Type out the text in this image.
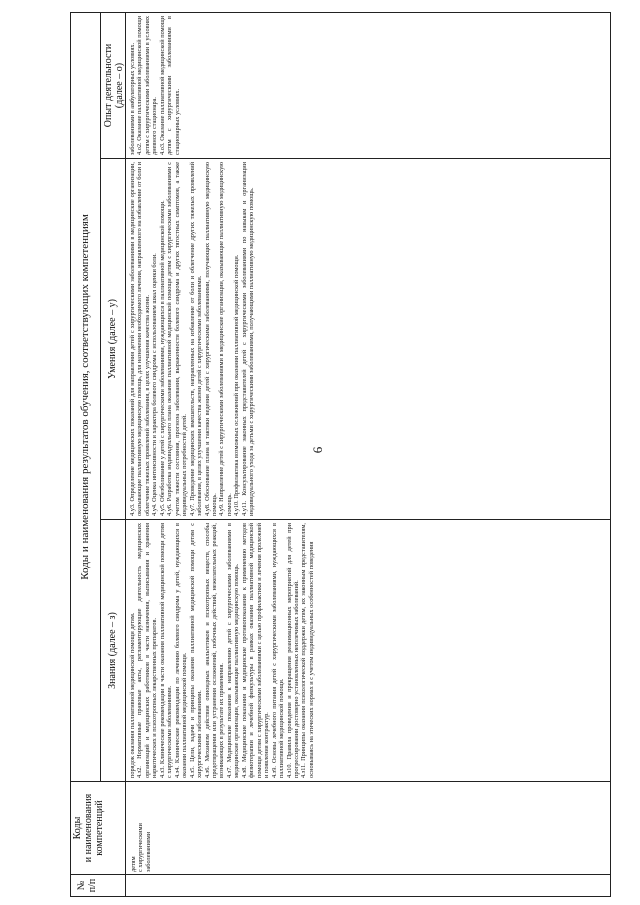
6
№
п/п
Коды
и наименования
компетенций
Коды и наименования результатов обучения, соответствующих компетенциям
Знания (далее – з)
Опыт деятельности
(далее – о)
детям
с хирургическими
заболеваниями
порядок оказания паллиативной медицинской помощи детям.
4.з2. Нормативные правовые акты, регламентирующие деятельность медицинских организаций и медицинских работников в части назначения, выписывания и хранения наркотических и психотропных лекарственных препаратов.
4.з3. Клинические рекомендации в части оказания паллиативной медицинской помощи детям с хирургическими заболеваниями.
4.з4. Клинические рекомендации по лечению болевого синдрома у детей, нуждающихся в оказании паллиативной медицинской помощи.
4.з5. Цели, задачи и принципы оказания паллиативной медицинской помощи детям с хирургическими заболеваниями.
4.з6. Механизм действия опиоидных анальгетиков и психотропных веществ, способы предотвращения или устранения осложнений, побочных действий, нежелательных реакций, возникающих в результате их применения.
4.з7. Медицинские показания к направлению детей с хирургическими заболеваниями в медицинские организации, оказывающие паллиативную медицинскую помощь.
4.з8. Медицинские показания и медицинские противопоказания к применению методов физиотерапии и лечебной физкультуры в рамках оказания паллиативной медицинской помощи детям с хирургическими заболеваниями с целью профилактики и лечения пролежней и появления контрактур.
4.з9. Основы лечебного питания детей с хирургическими заболеваниями, нуждающихся в паллиативной медицинской помощи.
4.з10. Правила проведения и прекращения реанимационных мероприятий для детей при прогрессировании достоверно установленных неизлечимых заболеваний.
4.з11. Принципы оказания психологической поддержки детям, их законным представителям, основываясь на этических нормах и с учетом индивидуальных особенностей поведения
4.у3. Определение медицинских показаний для направления детей с хирургическими заболеваниями в медицинские организации, оказывающие паллиативную медицинскую помощь, для назначения необходимого лечения, направленного на избавление от боли и облегчение тяжелых проявлений заболевания, в целях улучшения качества жизни.
4.у4. Оценка интенсивности и характера болевого синдрома с использованием шкал оценки боли.
4.у5. Обезболивание у детей с хирургическими заболеваниями, нуждающихся в паллиативной медицинской помощи.
4.у6. Разработка индивидуального плана оказания паллиативной медицинской помощи детям с хирургическими заболеваниями с учетом тяжести состояния, прогноза заболевания, выраженности болевого синдрома и других тягостных симптомов, а также индивидуальных потребностей детей.
4.у7. Проведение медицинских вмешательств, направленных на избавление от боли и облегчение других тяжелых проявлений заболевания, в целях улучшения качества жизни детей с хирургическими заболеваниями.
4.у8. Обоснование плана и тактики ведения детей с хирургическими заболеваниями, получающих паллиативную медицинскую помощь.
4.у9. Направление детей с хирургическими заболеваниями в медицинские организации, оказывающие паллиативную медицинскую помощь.
4.у10. Профилактика возможных осложнений при оказании паллиативной медицинской помощи.
4.у11. Консультирование законных представителей детей с хирургическими заболеваниями по навыкам и организации индивидуального ухода за детьми с хирургическими заболеваниями, получающими паллиативную медицинскую помощь.
заболеваниями в амбулаторных условиях.
4.о2. Оказание паллиативной медицинской помощи детям с хирургическими заболеваниями в условиях дневного стационара.
4.о3. Оказание паллиативной медицинской помощи детям с хирургическими заболеваниями в стационарных условиях.
Умения (далее – у)
